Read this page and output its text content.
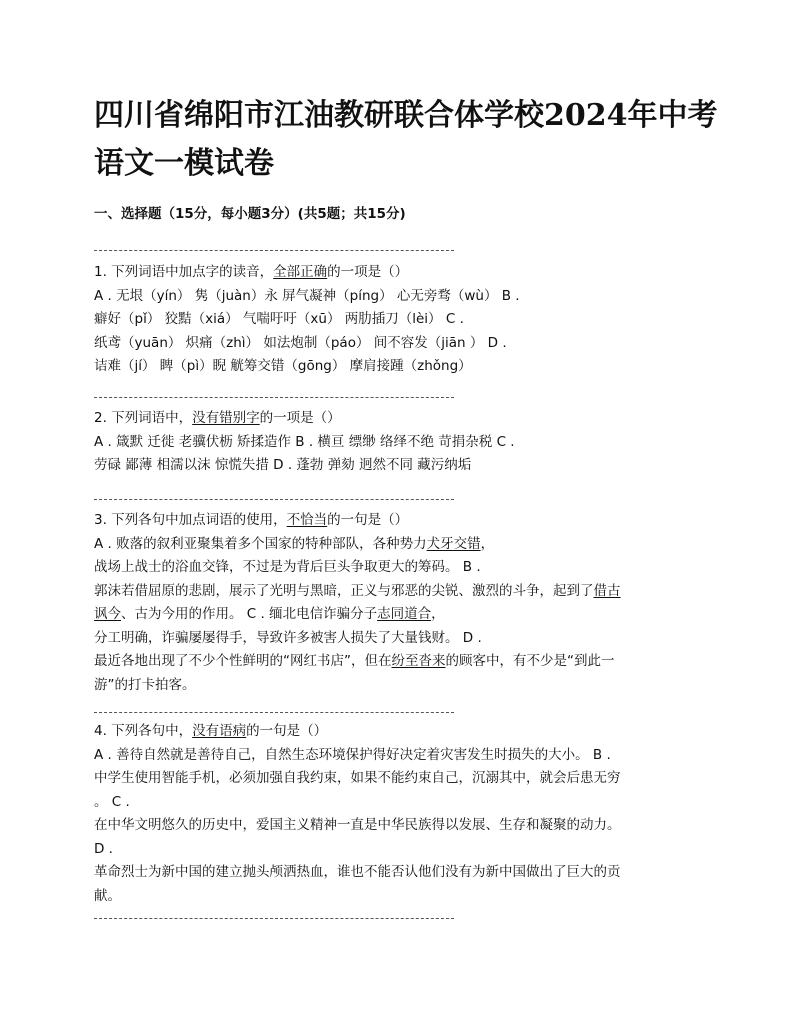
四川省绵阳市江油教研联合体学校2024年中考语文一模试卷

一、选择题（15分，每小题3分）(共5题；共15分)

1. 下列词语中加点字的读音，全部正确的一项是（）

A . 无垠（yín） 隽（juàn）永 屏气凝神（píng） 心无旁骛（wù） B .

癖好（pǐ） 狡黠（xiá） 气喘吁吁（xū） 两肋插刀（lèi） C .

纸鸢（yuān） 炽痛（zhì） 如法炮制（páo） 间不容发（jiān ） D .

诘难（jí） 睥（pì）睨 觥筹交错（gōng） 摩肩接踵（zhǒng）

2. 下列词语中，没有错别字的一项是（）

A . 箴默 迁徙 老骥伏枥 矫揉造作 B . 横亘 缥缈 络绎不绝 苛捐杂税 C .

劳碌 鄙薄 相濡以沫 惊慌失措 D . 蓬勃 弹劾 迥然不同 藏污纳垢

3. 下列各句中加点词语的使用，不恰当的一句是（）

A . 败落的叙利亚聚集着多个国家的特种部队，各种势力犬牙交错，

战场上战士的浴血交锋，不过是为背后巨头争取更大的筹码。 B .

郭沫若借屈原的悲剧，展示了光明与黑暗，正义与邪恶的尖锐、激烈的斗争，起到了借古

讽今、古为今用的作用。 C . 缅北电信诈骗分子志同道合，

分工明确，诈骗屡屡得手，导致许多被害人损失了大量钱财。 D .

最近各地出现了不少个性鲜明的“网红书店”，但在纷至沓来的顾客中，有不少是“到此一

游”的打卡拍客。

4. 下列各句中，没有语病的一句是（）

A . 善待自然就是善待自己，自然生态环境保护得好决定着灾害发生时损失的大小。 B .

中学生使用智能手机，必须加强自我约束，如果不能约束自己，沉溺其中，就会后患无穷

。 C .

在中华文明悠久的历史中，爱国主义精神一直是中华民族得以发展、生存和凝聚的动力。

D .

革命烈士为新中国的建立抛头颅洒热血，谁也不能否认他们没有为新中国做出了巨大的贡

献。
